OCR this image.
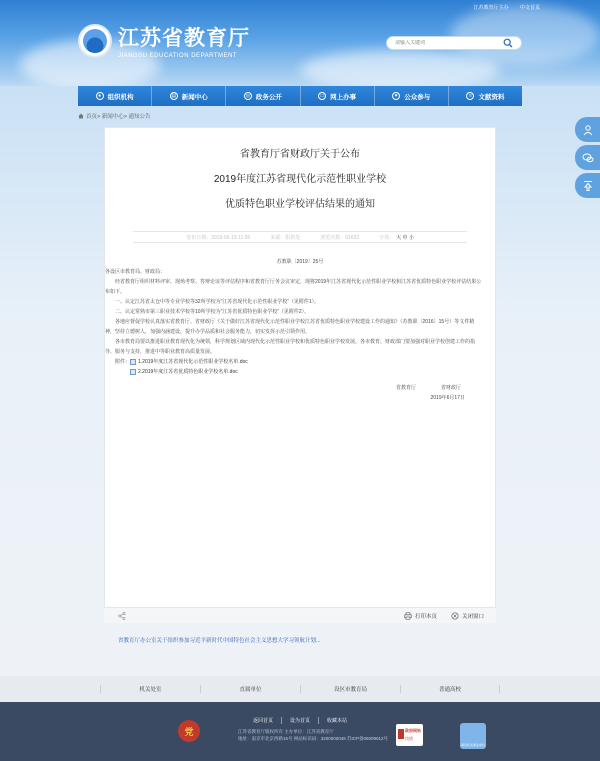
江苏教育厅主办 中文首页
江苏省教育厅
JIANGSU EDUCATION DEPARTMENT
请输入关键词
● 组织机构	▤ 新闻中心	◎ 政务公开	▭ 网上办事	♥	公众参与	≡	文献资料
首页> 新闻中心> 通知公告
省教育厅省财政厅关于公布
2019年度江苏省现代化示范性职业学校
优质特色职业学校评估结果的通知
发布日期：2019-06-19 11:26	来源：职教处	浏览次数：61632	字体： 大 中 小
苏教职〔2019〕25号
各设区市教育局、财政局：
经省教育厅组织材料评审、现场考察、答辩论证等评估程序和省教育厅厅务会议审定，现将2019年江苏省现代化示范性职业学校和江苏省优质特色职业学校评估结果公布如下。
一、认定江苏省太仓中等专业学校等32所学校为“江苏省现代化示范性职业学校”（见附件1）。
二、认定常熟市第三职业技术学校等10所学校为“江苏省优质特色职业学校”（见附件2）。
各地应督促学校认真落实省教育厅、省财政厅《关于做好江苏省现代化示范性职业学校江苏省优质特色职业学校建设工作的通知》（苏教职〔2016〕15号）等文件精神，坚持立德树人，加强内涵建设，提升办学品质和社会服务能力，切实发挥示范引领作用。
各市教育局要以推进职业教育现代化为统领，科学规划区域内现代化示范性职业学校和优质特色职业学校发展。各市教育、财政部门要加强对职业学校创建工作的指导、服务与支持，推进中等职业教育高质量发展。
附件： 1.2019年度江苏省现代化示范性职业学校名单.doc
2.2019年度江苏省优质特色职业学校名单.doc
省教育厅                  省财政厅
2019年6月17日
打印本页	关闭窗口
省教育厅办公室关于组织参加习近平新时代中国特色社会主义思想大学习领航计划...
机关处室	直属单位	设区市教育局	普通高校
党
返回首页	设为首页	收藏本站
江苏省教育厅版权所有 主办单位：江苏省教育厅
地址：南京市北京西路15号 网站标识码：3200000048 苏ICP备05009012号
政府网站
找错
国家机关事业单位
